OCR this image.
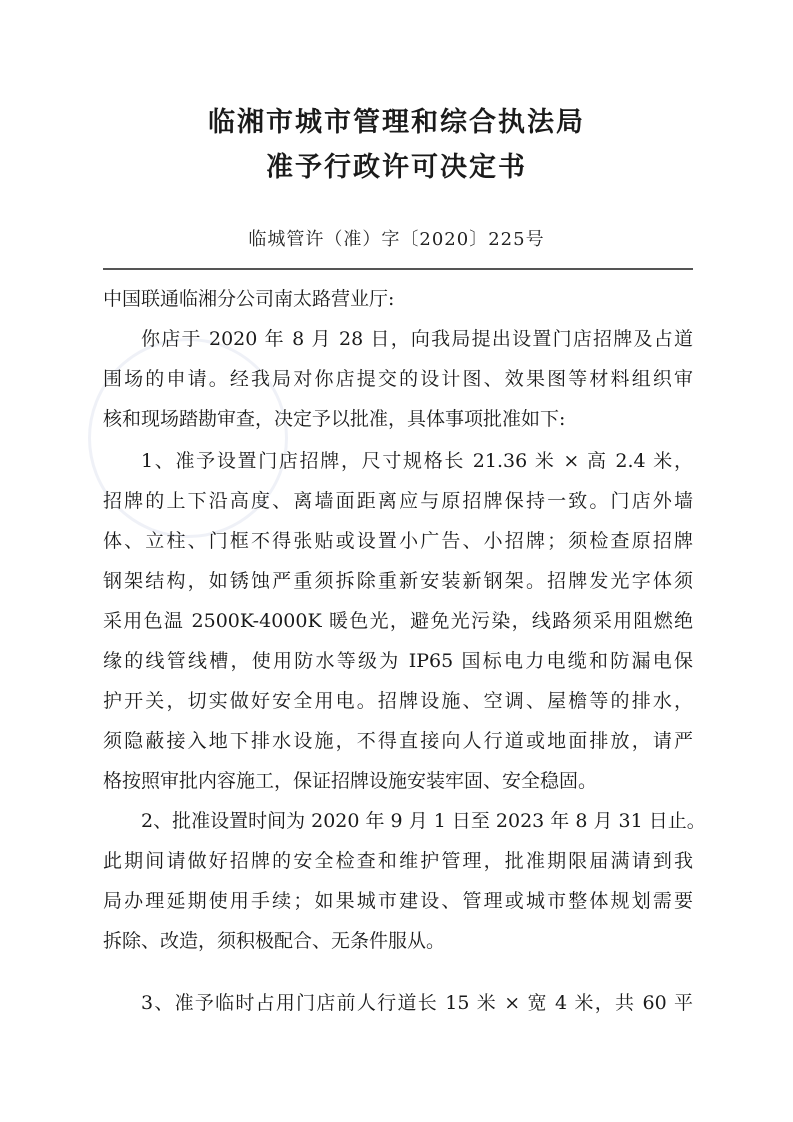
临湘市城市管理和综合执法局
准予行政许可决定书
临城管许（准）字〔2020〕225号
中国联通临湘分公司南太路营业厅:
你店于 2020 年 8 月 28 日，向我局提出设置门店招牌及占道
围场的申请。经我局对你店提交的设计图、效果图等材料组织审
核和现场踏勘审查，决定予以批准，具体事项批准如下:
1、准予设置门店招牌，尺寸规格长 21.36 米 × 高 2.4 米，
招牌的上下沿高度、离墙面距离应与原招牌保持一致。门店外墙
体、立柱、门框不得张贴或设置小广告、小招牌；须检查原招牌
钢架结构，如锈蚀严重须拆除重新安装新钢架。招牌发光字体须
采用色温 2500K-4000K 暖色光，避免光污染，线路须采用阻燃绝
缘的线管线槽，使用防水等级为 IP65 国标电力电缆和防漏电保
护开关，切实做好安全用电。招牌设施、空调、屋檐等的排水，
须隐蔽接入地下排水设施，不得直接向人行道或地面排放，请严
格按照审批内容施工，保证招牌设施安装牢固、安全稳固。
2、批准设置时间为 2020 年 9 月 1 日至 2023 年 8 月 31 日止。
此期间请做好招牌的安全检查和维护管理，批准期限届满请到我
局办理延期使用手续；如果城市建设、管理或城市整体规划需要
拆除、改造，须积极配合、无条件服从。
3、准予临时占用门店前人行道长 15 米 × 宽 4 米，共 60 平
